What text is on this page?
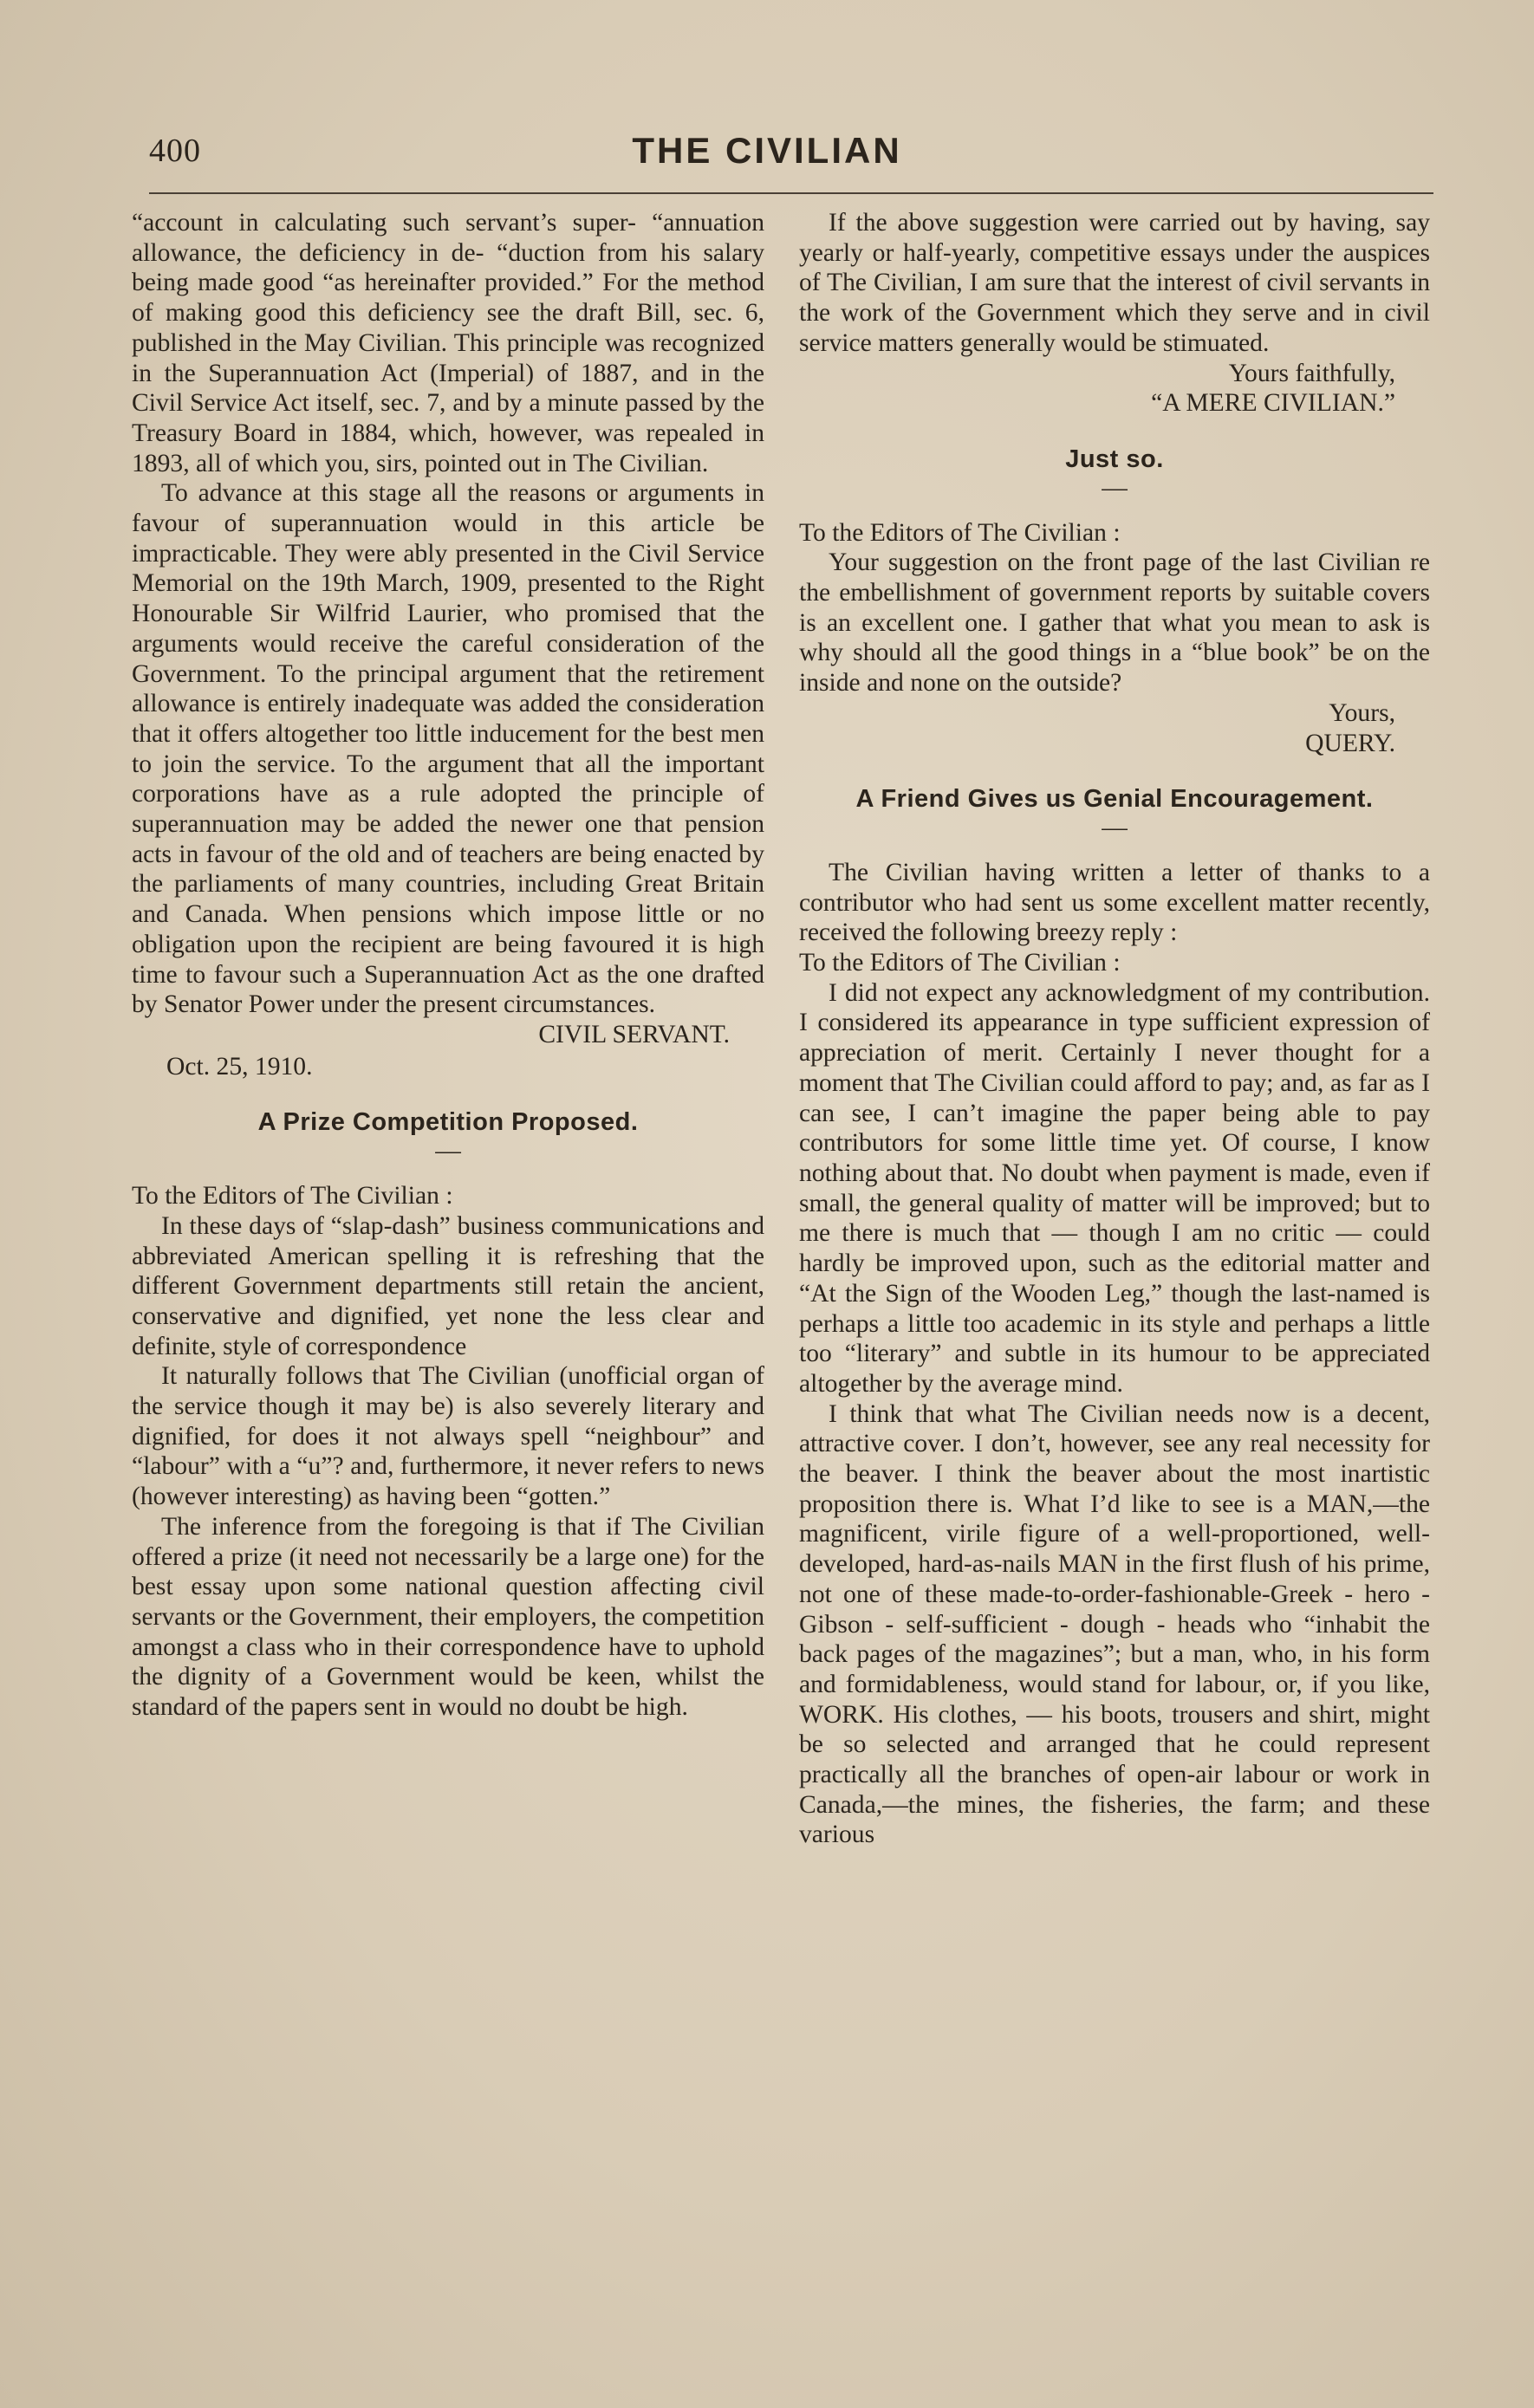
400	THE CIVILIAN

“account in calculating such servant’s super- “annuation allowance, the deficiency in de- “duction from his salary being made good “as hereinafter provided.” For the method of making good this deficiency see the draft Bill, sec. 6, published in the May Civilian. This principle was recognized in the Superannuation Act (Imperial) of 1887, and in the Civil Service Act itself, sec. 7, and by a minute passed by the Treasury Board in 1884, which, however, was repealed in 1893, all of which you, sirs, pointed out in The Civilian.

To advance at this stage all the reasons or arguments in favour of superannuation would in this article be impracticable. They were ably presented in the Civil Service Memorial on the 19th March, 1909, presented to the Right Honourable Sir Wilfrid Laurier, who promised that the arguments would receive the careful consideration of the Government. To the principal argument that the retirement allowance is entirely inadequate was added the consideration that it offers altogether too little inducement for the best men to join the service. To the argument that all the important corporations have as a rule adopted the principle of superannuation may be added the newer one that pension acts in favour of the old and of teachers are being enacted by the parliaments of many countries, including Great Britain and Canada. When pensions which impose little or no obligation upon the recipient are being favoured it is high time to favour such a Superannuation Act as the one drafted by Senator Power under the present circumstances.

CIVIL SERVANT.

Oct. 25, 1910.

A Prize Competition Proposed.
—

To the Editors of The Civilian :

In these days of “slap-dash” business communications and abbreviated American spelling it is refreshing that the different Government departments still retain the ancient, conservative and dignified, yet none the less clear and definite, style of correspondence

It naturally follows that The Civilian (unofficial organ of the service though it may be) is also severely literary and dignified, for does it not always spell “neighbour” and “labour” with a “u”? and, furthermore, it never refers to news (however interesting) as having been “gotten.”

The inference from the foregoing is that if The Civilian offered a prize (it need not necessarily be a large one) for the best essay upon some national question affecting civil servants or the Government, their employers, the competition amongst a class who in their correspondence have to uphold the dignity of a Government would be keen, whilst the standard of the papers sent in would no doubt be high.

If the above suggestion were carried out by having, say yearly or half-yearly, competitive essays under the auspices of The Civilian, I am sure that the interest of civil servants in the work of the Government which they serve and in civil service matters generally would be stimuated.

Yours faithfully,

“A MERE CIVILIAN.”

Just so.
—

To the Editors of The Civilian :

Your suggestion on the front page of the last Civilian re the embellishment of government reports by suitable covers is an excellent one. I gather that what you mean to ask is why should all the good things in a “blue book” be on the inside and none on the outside?

Yours,

QUERY.

A Friend Gives us Genial Encouragement.
—

The Civilian having written a letter of thanks to a contributor who had sent us some excellent matter recently, received the following breezy reply :

To the Editors of The Civilian :

I did not expect any acknowledgment of my contribution. I considered its appearance in type sufficient expression of appreciation of merit. Certainly I never thought for a moment that The Civilian could afford to pay; and, as far as I can see, I can’t imagine the paper being able to pay contributors for some little time yet. Of course, I know nothing about that. No doubt when payment is made, even if small, the general quality of matter will be improved; but to me there is much that — though I am no critic — could hardly be improved upon, such as the editorial matter and “At the Sign of the Wooden Leg,” though the last-named is perhaps a little too academic in its style and perhaps a little too “literary” and subtle in its humour to be appreciated altogether by the average mind.

I think that what The Civilian needs now is a decent, attractive cover. I don’t, however, see any real necessity for the beaver. I think the beaver about the most inartistic proposition there is. What I’d like to see is a MAN,—the magnificent, virile figure of a well-proportioned, well-developed, hard-as-nails MAN in the first flush of his prime, not one of these made-to-order-fashionable-Greek - hero - Gibson - self-sufficient - dough - heads who “inhabit the back pages of the magazines”; but a man, who, in his form and formidableness, would stand for labour, or, if you like, WORK. His clothes, — his boots, trousers and shirt, might be so selected and arranged that he could represent practically all the branches of open-air labour or work in Canada,—the mines, the fisheries, the farm; and these various
